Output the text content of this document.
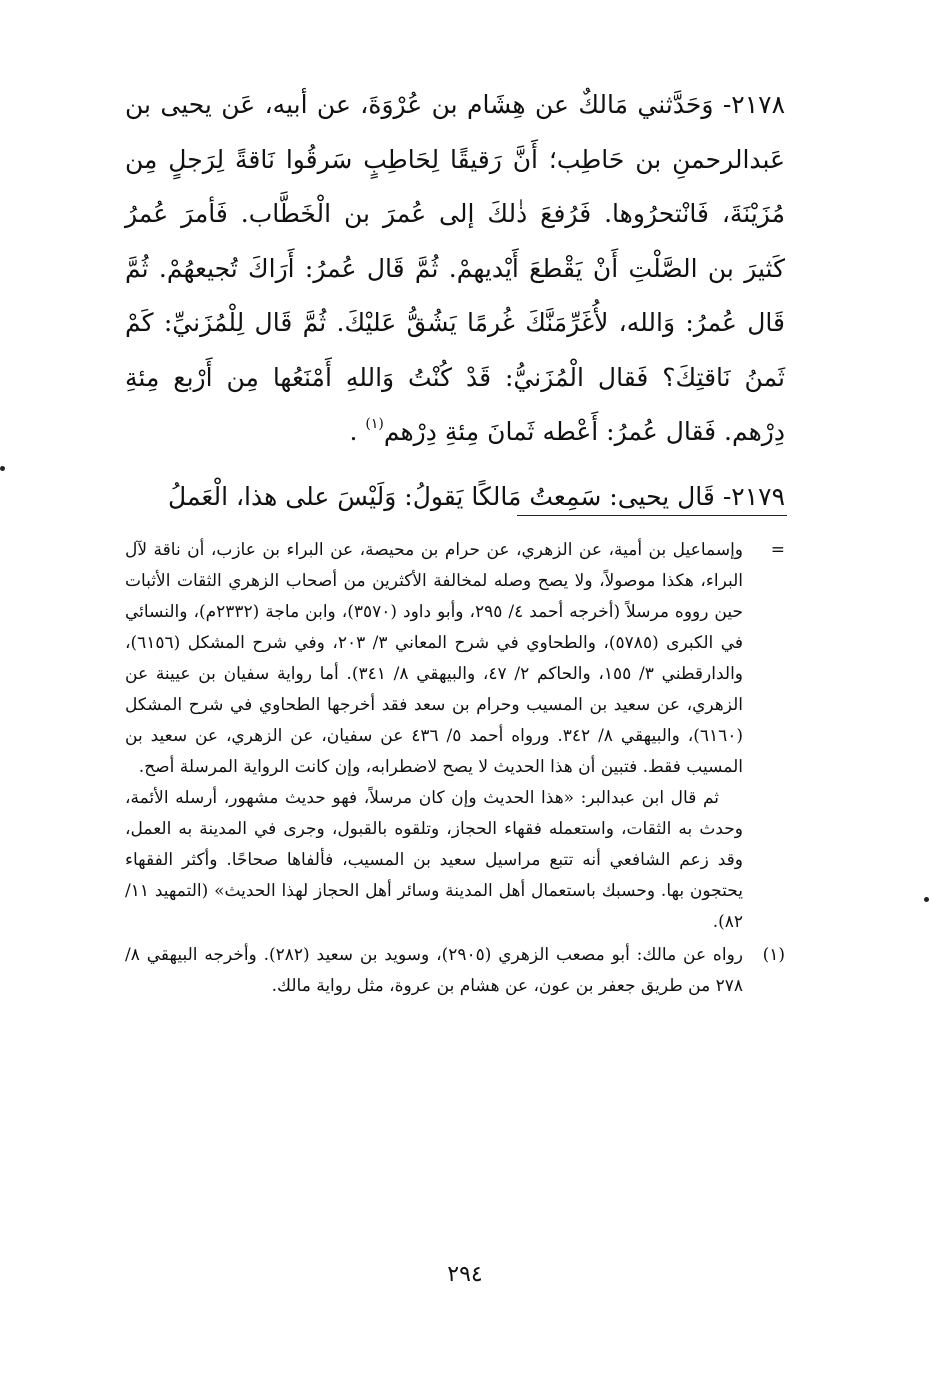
٢١٧٨- وَحَدَّثني مَالكٌ عن هِشَام بن عُرْوَةَ، عن أبيه، عَن يحيى بن عَبدالرحمنِ بن حَاطِب؛ أَنَّ رَقيقًا لِحَاطِبٍ سَرقُوا نَاقةً لِرَجلٍ مِن مُزَيْنَةَ، فَانْتحرُوها. فَرُفعَ ذٰلكَ إلى عُمرَ بن الْخَطَّاب. فَأمرَ عُمرُ كَثيرَ بن الصَّلْتِ أَنْ يَقْطعَ أَيْديهمْ. ثُمَّ قَال عُمرُ: أَرَاكَ تُجيعهُمْ. ثُمَّ قَال عُمرُ: وَالله، لأُغَرِّمَنَّكَ غُرمًا يَشُقُّ عَليْكَ. ثُمَّ قَال لِلْمُزَنيِّ: كَمْ ثَمنُ نَاقتِكَ؟ فَقال الْمُزَنيُّ: قَدْ كُنْتُ وَاللهِ أَمْنَعُها مِن أَرْبع مِئةِ دِرْهم. فَقال عُمرُ: أَعْطه ثَمانَ مِئةِ دِرْهم$^{(١)}$ .

٢١٧٩- قَال يحيى: سَمِعتُ مَالكًا يَقولُ: وَلَيْسَ على هذا، الْعَملُ

=

وإسماعيل بن أمية، عن الزهري، عن حرام بن محيصة، عن البراء بن عازب، أن ناقة لآل البراء، هكذا موصولاً، ولا يصح وصله لمخالفة الأكثرين من أصحاب الزهري الثقات الأثبات حين رووه مرسلاً (أخرجه أحمد ٤/ ٢٩٥، وأبو داود (٣٥٧٠)، وابن ماجة (٢٣٣٢م)، والنسائي في الكبرى (٥٧٨٥)، والطحاوي في شرح المعاني ٣/ ٢٠٣، وفي شرح المشكل (٦١٥٦)، والدارقطني ٣/ ١٥٥، والحاكم ٢/ ٤٧، والبيهقي ٨/ ٣٤١). أما رواية سفيان بن عيينة عن الزهري، عن سعيد بن المسيب وحرام بن سعد فقد أخرجها الطحاوي في شرح المشكل (٦١٦٠)، والبيهقي ٨/ ٣٤٢. ورواه أحمد ٥/ ٤٣٦ عن سفيان، عن الزهري، عن سعيد بن المسيب فقط. فتبين أن هذا الحديث لا يصح لاضطرابه، وإن كانت الرواية المرسلة أصح.

ثم قال ابن عبدالبر: «هذا الحديث وإن كان مرسلاً، فهو حديث مشهور، أرسله الأئمة، وحدث به الثقات، واستعمله فقهاء الحجاز، وتلقوه بالقبول، وجرى في المدينة به العمل، وقد زعم الشافعي أنه تتبع مراسيل سعيد بن المسيب، فألفاها صحاحًا. وأكثر الفقهاء يحتجون بها. وحسبك باستعمال أهل المدينة وسائر أهل الحجاز لهذا الحديث» (التمهيد ١١/ ٨٢).

(١)

رواه عن مالك: أبو مصعب الزهري (٢٩٠٥)، وسويد بن سعيد (٢٨٢). وأخرجه البيهقي ٨/ ٢٧٨ من طريق جعفر بن عون، عن هشام بن عروة، مثل رواية مالك.

٢٩٤
